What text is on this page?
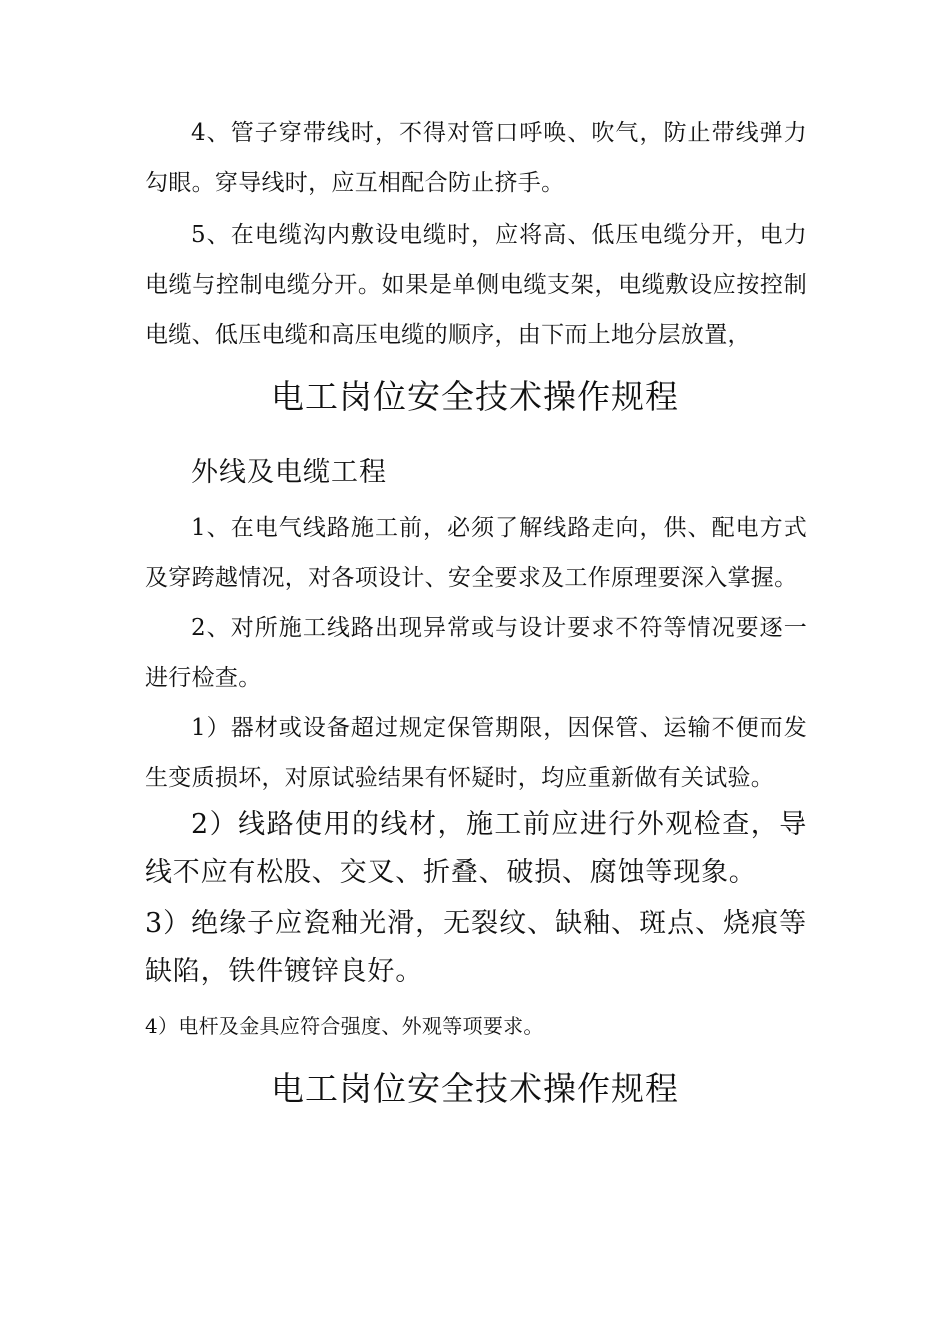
4、管子穿带线时，不得对管口呼唤、吹气，防止带线弹力勾眼。穿导线时，应互相配合防止挤手。

5、在电缆沟内敷设电缆时，应将高、低压电缆分开，电力电缆与控制电缆分开。如果是单侧电缆支架，电缆敷设应按控制电缆、低压电缆和高压电缆的顺序，由下而上地分层放置，

电工岗位安全技术操作规程
外线及电缆工程

1、在电气线路施工前，必须了解线路走向，供、配电方式及穿跨越情况，对各项设计、安全要求及工作原理要深入掌握。

2、对所施工线路出现异常或与设计要求不符等情况要逐一进行检查。

1）器材或设备超过规定保管期限，因保管、运输不便而发生变质损坏，对原试验结果有怀疑时，均应重新做有关试验。

2）线路使用的线材，施工前应进行外观检查，导线不应有松股、交叉、折叠、破损、腐蚀等现象。

3）绝缘子应瓷釉光滑，无裂纹、缺釉、斑点、烧痕等缺陷，铁件镀锌良好。

4）电杆及金具应符合强度、外观等项要求。

电工岗位安全技术操作规程
